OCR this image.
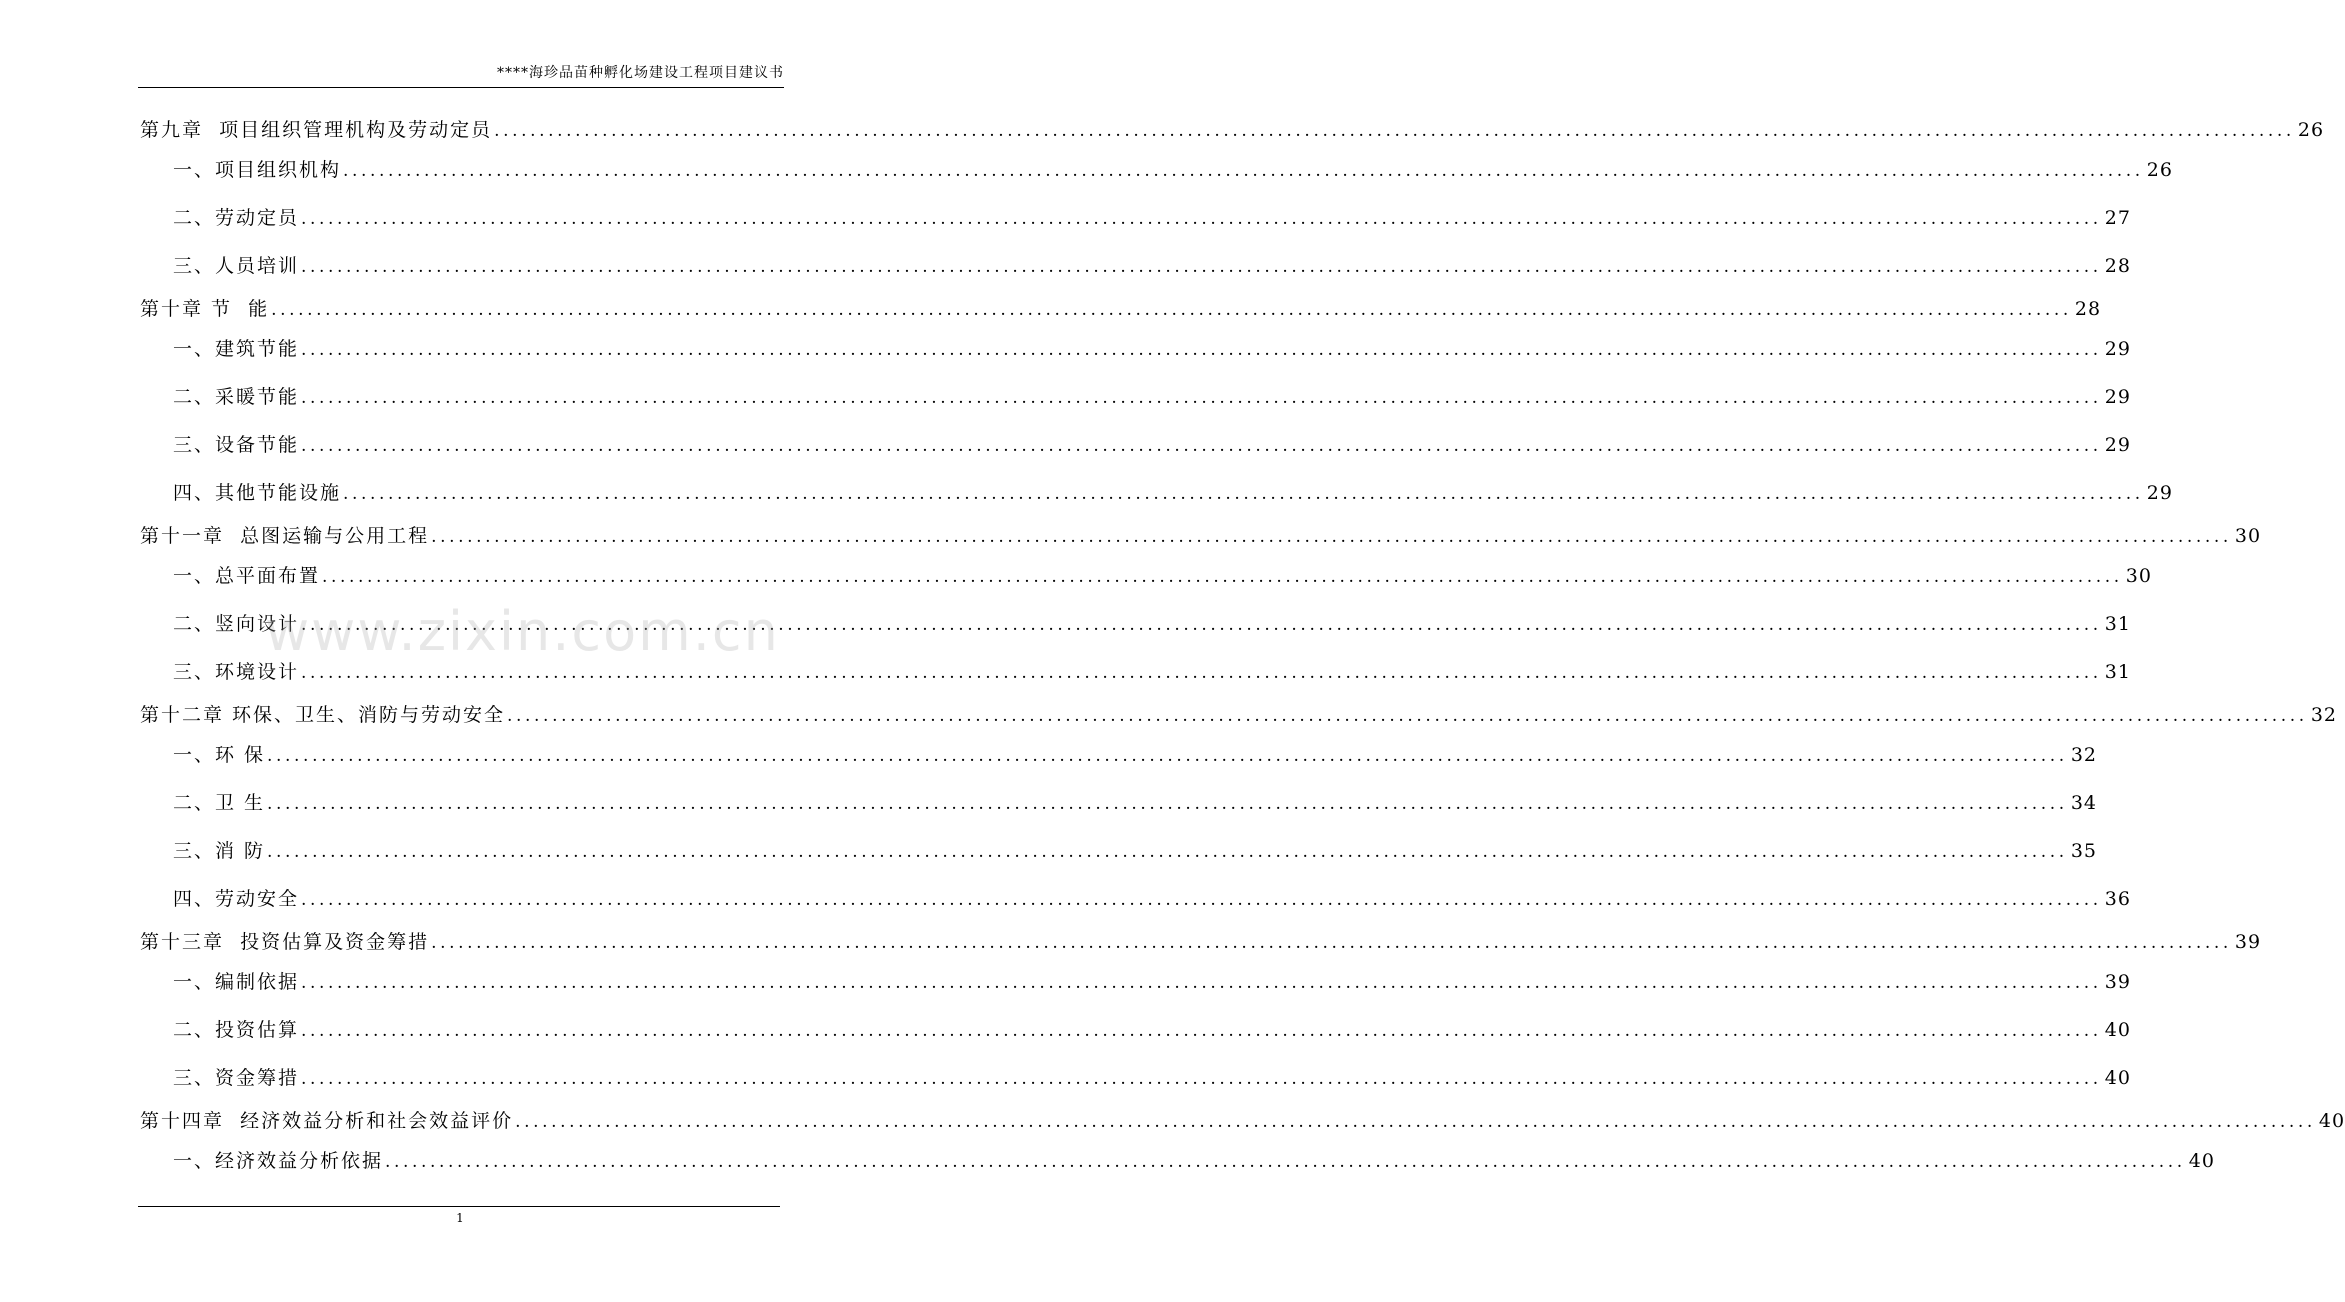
****海珍品苗种孵化场建设工程项目建议书
第九章  项目组织管理机构及劳动定员 ........................................................................................................................................................................................................ 26
一、项目组织机构 ........................................................................................................................................................................................................ 26
二、劳动定员 ........................................................................................................................................................................................................ 27
三、人员培训 ........................................................................................................................................................................................................ 28
第十章 节  能 ........................................................................................................................................................................................................ 28
一、建筑节能 ........................................................................................................................................................................................................ 29
二、采暖节能 ........................................................................................................................................................................................................ 29
三、设备节能 ........................................................................................................................................................................................................ 29
四、其他节能设施 ........................................................................................................................................................................................................ 29
第十一章  总图运输与公用工程 ........................................................................................................................................................................................................ 30
一、总平面布置 ........................................................................................................................................................................................................ 30
二、竖向设计 ........................................................................................................................................................................................................ 31
三、环境设计 ........................................................................................................................................................................................................ 31
第十二章 环保、卫生、消防与劳动安全 ........................................................................................................................................................................................................ 32
一、环 保 ........................................................................................................................................................................................................ 32
二、卫 生 ........................................................................................................................................................................................................ 34
三、消 防 ........................................................................................................................................................................................................ 35
四、劳动安全 ........................................................................................................................................................................................................ 36
第十三章  投资估算及资金筹措 ........................................................................................................................................................................................................ 39
一、编制依据 ........................................................................................................................................................................................................ 39
二、投资估算 ........................................................................................................................................................................................................ 40
三、资金筹措 ........................................................................................................................................................................................................ 40
第十四章  经济效益分析和社会效益评价 ........................................................................................................................................................................................................ 40
一、经济效益分析依据 ........................................................................................................................................................................................................ 40
www.zixin.com.cn
1
